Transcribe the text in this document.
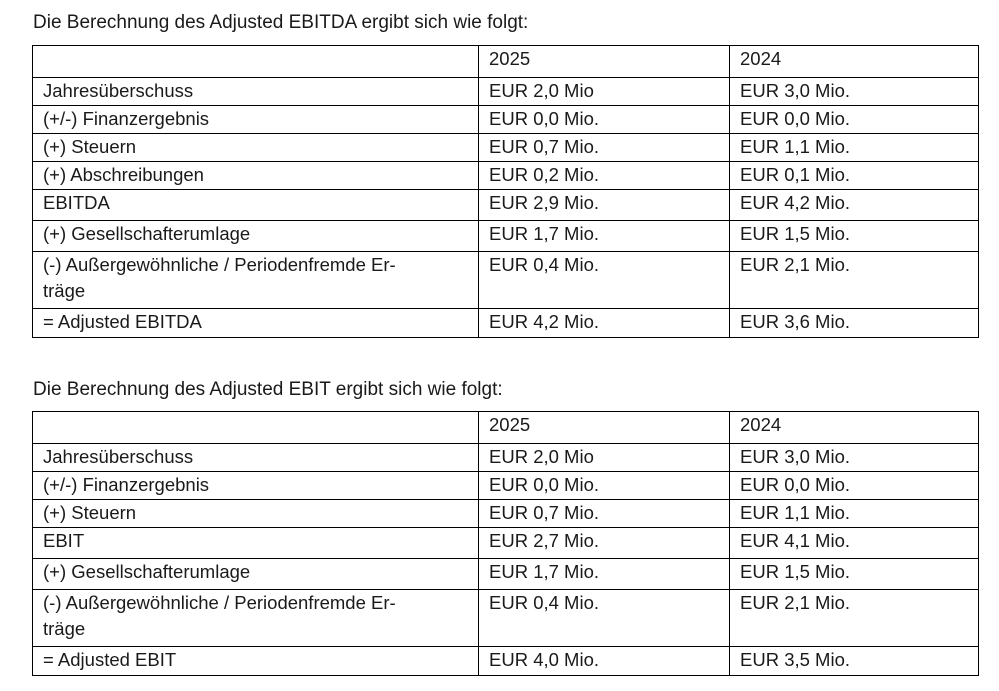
Die Berechnung des Adjusted EBITDA ergibt sich wie folgt:
	2025	2024
Jahresüberschuss	EUR 2,0 Mio	EUR 3,0 Mio.
(+/-) Finanzergebnis	EUR 0,0 Mio.	EUR 0,0 Mio.
(+) Steuern	EUR 0,7 Mio.	EUR 1,1 Mio.
(+) Abschreibungen	EUR 0,2 Mio.	EUR 0,1 Mio.
EBITDA	EUR 2,9 Mio.	EUR 4,2 Mio.
(+) Gesellschafterumlage	EUR 1,7 Mio.	EUR 1,5 Mio.

(-) Außergewöhnliche / Periodenfremde Er-
träge	EUR 0,4 Mio.	EUR 2,1 Mio.
= Adjusted EBITDA	EUR 4,2 Mio.	EUR 3,6 Mio.
Die Berechnung des Adjusted EBIT ergibt sich wie folgt:
	2025	2024
Jahresüberschuss	EUR 2,0 Mio	EUR 3,0 Mio.
(+/-) Finanzergebnis	EUR 0,0 Mio.	EUR 0,0 Mio.
(+) Steuern	EUR 0,7 Mio.	EUR 1,1 Mio.
EBIT	EUR 2,7 Mio.	EUR 4,1 Mio.
(+) Gesellschafterumlage	EUR 1,7 Mio.	EUR 1,5 Mio.

(-) Außergewöhnliche / Periodenfremde Er-
träge	EUR 0,4 Mio.	EUR 2,1 Mio.
= Adjusted EBIT	EUR 4,0 Mio.	EUR 3,5 Mio.
